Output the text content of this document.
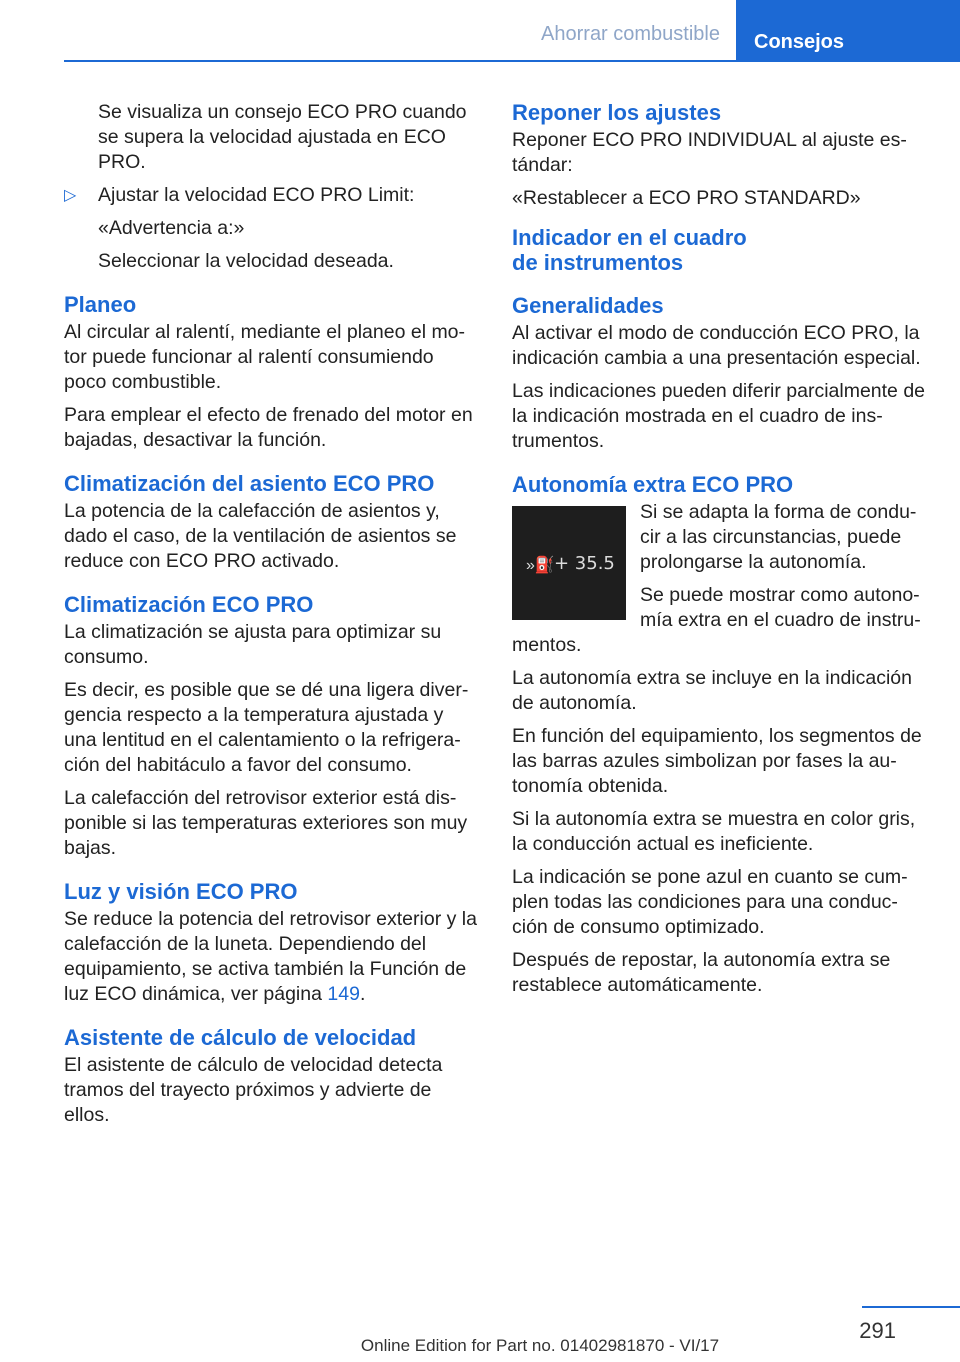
Ahorrar combustible	Consejos

Se visualiza un consejo ECO PRO cuando se supera la velocidad ajustada en ECO PRO.

▷ Ajustar la velocidad ECO PRO Limit:

«Advertencia a:»

Seleccionar la velocidad deseada.

Planeo

Al circular al ralentí, mediante el planeo el mo‐ tor puede funcionar al ralentí consumiendo poco combustible.

Para emplear el efecto de frenado del motor en bajadas, desactivar la función.

Climatización del asiento ECO PRO

La potencia de la calefacción de asientos y, dado el caso, de la ventilación de asientos se reduce con ECO PRO activado.

Climatización ECO PRO

La climatización se ajusta para optimizar su consumo.

Es decir, es posible que se dé una ligera diver‐ gencia respecto a la temperatura ajustada y una lentitud en el calentamiento o la refrigera‐ ción del habitáculo a favor del consumo.

La calefacción del retrovisor exterior está dis‐ ponible si las temperaturas exteriores son muy bajas.

Luz y visión ECO PRO

Se reduce la potencia del retrovisor exterior y la calefacción de la luneta. Dependiendo del equipamiento, se activa también la Función de luz ECO dinámica, ver página 149.

Asistente de cálculo de velocidad

El asistente de cálculo de velocidad detecta tramos del trayecto próximos y advierte de ellos.

Reponer los ajustes

Reponer ECO PRO INDIVIDUAL al ajuste es‐ tándar:

«Restablecer a ECO PRO STANDARD»

Indicador en el cuadro
de instrumentos
Generalidades

Al activar el modo de conducción ECO PRO, la indicación cambia a una presentación especial.

Las indicaciones pueden diferir parcialmente de la indicación mostrada en el cuadro de ins‐ trumentos.

Autonomía extra ECO PRO
»⛽ + 35.5

Si se adapta la forma de condu‐ cir a las circunstancias, puede prolongarse la autonomía.

Se puede mostrar como autono‐ mía extra en el cuadro de instru‐ mentos.

La autonomía extra se incluye en la indicación de autonomía.

En función del equipamiento, los segmentos de las barras azules simbolizan por fases la au‐ tonomía obtenida.

Si la autonomía extra se muestra en color gris, la conducción actual es ineficiente.

La indicación se pone azul en cuanto se cum‐ plen todas las condiciones para una conduc‐ ción de consumo optimizado.

Después de repostar, la autonomía extra se restablece automáticamente.

291
Online Edition for Part no. 01402981870 - VI/17
